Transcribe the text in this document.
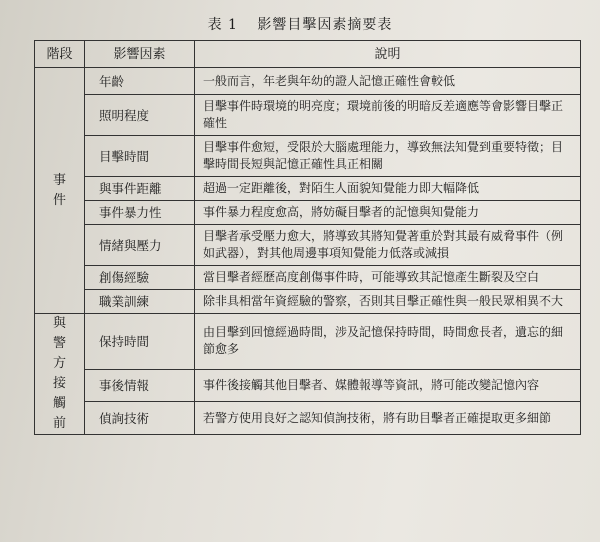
表 1 影響目擊因素摘要表
階段	影響因素	說明
事件	年齡	一般而言，年老與年幼的證人記憶正確性會較低
	照明程度	目擊事件時環境的明亮度；環境前後的明暗反差適應等會影響目擊正確性
	目擊時間	目擊事件愈短，受限於大腦處理能力，導致無法知覺到重要特徵；目擊時間長短與記憶正確性具正相關
	與事件距離	超過一定距離後，對陌生人面貌知覺能力即大幅降低
	事件暴力性	事件暴力程度愈高，將妨礙目擊者的記憶與知覺能力
	情緒與壓力	目擊者承受壓力愈大，將導致其將知覺著重於對其最有威脅事件（例如武器），對其他周邊事項知覺能力低落或減損
	創傷經驗	當目擊者經歷高度創傷事件時，可能導致其記憶產生斷裂及空白
	職業訓練	除非具相當年資經驗的警察，否則其目擊正確性與一般民眾相異不大
與警方接觸前	保持時間	由目擊到回憶經過時間，涉及記憶保持時間，時間愈長者，遺忘的細節愈多
	事後情報	事件後接觸其他目擊者、媒體報導等資訊，將可能改變記憶內容
	偵詢技術	若警方使用良好之認知偵詢技術，將有助目擊者正確提取更多細節
